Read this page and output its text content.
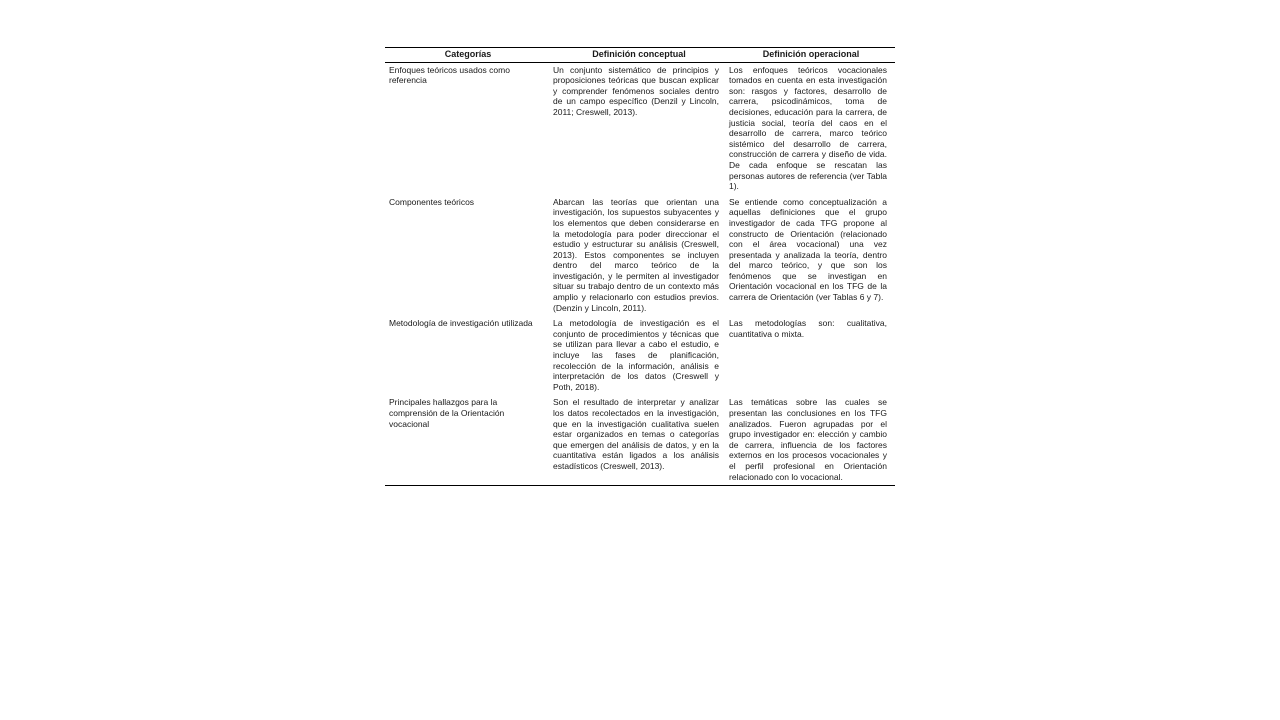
Categorías	Definición conceptual	Definición operacional
Enfoques teóricos usados como referencia	Un conjunto sistemático de principios y proposiciones teóricas que buscan explicar y comprender fenómenos sociales dentro de un campo específico (Denzil y Lincoln, 2011; Creswell, 2013).	Los enfoques teóricos vocacionales tomados en cuenta en esta investigación son: rasgos y factores, desarrollo de carrera, psicodinámicos, toma de decisiones, educación para la carrera, de justicia social, teoría del caos en el desarrollo de carrera, marco teórico sistémico del desarrollo de carrera, construcción de carrera y diseño de vida. De cada enfoque se rescatan las personas autores de referencia (ver Tabla 1).
Componentes teóricos	Abarcan las teorías que orientan una investigación, los supuestos subyacentes y los elementos que deben considerarse en la metodología para poder direccionar el estudio y estructurar su análisis (Creswell, 2013). Estos componentes se incluyen dentro del marco teórico de la investigación, y le permiten al investigador situar su trabajo dentro de un contexto más amplio y relacionarlo con estudios previos. (Denzin y Lincoln, 2011).	Se entiende como conceptualización a aquellas definiciones que el grupo investigador de cada TFG propone al constructo de Orientación (relacionado con el área vocacional) una vez presentada y analizada la teoría, dentro del marco teórico, y que son los fenómenos que se investigan en Orientación vocacional en los TFG de la carrera de Orientación (ver Tablas 6 y 7).
Metodología de investigación utilizada	La metodología de investigación es el conjunto de procedimientos y técnicas que se utilizan para llevar a cabo el estudio, e incluye las fases de planificación, recolección de la información, análisis e interpretación de los datos (Creswell y Poth, 2018).	Las metodologías son: cualitativa, cuantitativa o mixta.
Principales hallazgos para la comprensión de la Orientación vocacional	Son el resultado de interpretar y analizar los datos recolectados en la investigación, que en la investigación cualitativa suelen estar organizados en temas o categorías que emergen del análisis de datos, y en la cuantitativa están ligados a los análisis estadísticos (Creswell, 2013).	Las temáticas sobre las cuales se presentan las conclusiones en los TFG analizados. Fueron agrupadas por el grupo investigador en: elección y cambio de carrera, influencia de los factores externos en los procesos vocacionales y el perfil profesional en Orientación relacionado con lo vocacional.
